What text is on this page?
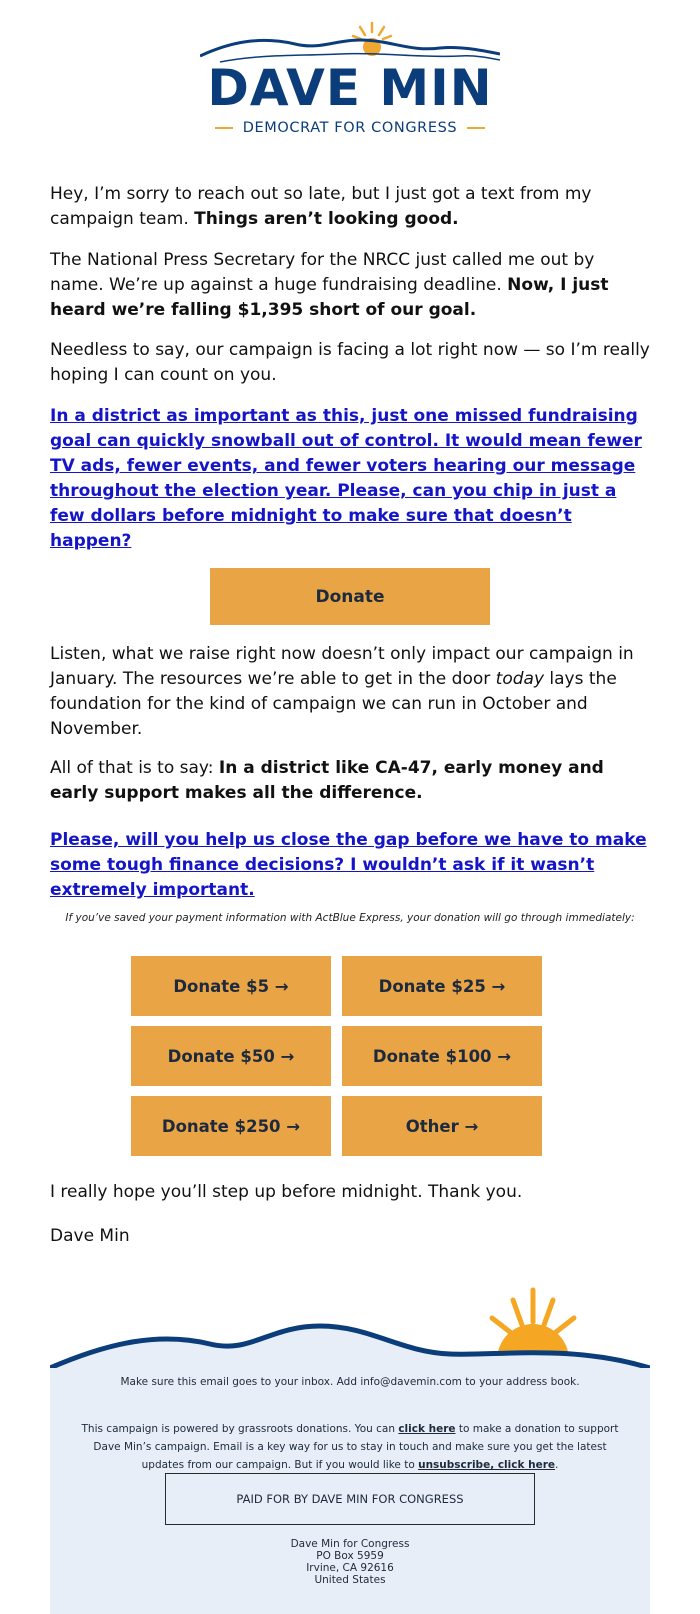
DAVE MIN
DEMOCRAT FOR CONGRESS

Hey, I’m sorry to reach out so late, but I just got a text from my campaign team. Things aren’t looking good.

The National Press Secretary for the NRCC just called me out by name. We’re up against a huge fundraising deadline. Now, I just heard we’re falling $1,395 short of our goal.

Needless to say, our campaign is facing a lot right now — so I’m really hoping I can count on you.

In a district as important as this, just one missed fundraising goal can quickly snowball out of control. It would mean fewer TV ads, fewer events, and fewer voters hearing our message throughout the election year. Please, can you chip in just a few dollars before midnight to make sure that doesn’t happen?
Donate

Listen, what we raise right now doesn’t only impact our campaign in January. The resources we’re able to get in the door today lays the foundation for the kind of campaign we can run in October and November.

All of that is to say: In a district like CA-47, early money and early support makes all the difference.

Please, will you help us close the gap before we have to make some tough finance decisions? I wouldn’t ask if it wasn’t extremely important.
If you’ve saved your payment information with ActBlue Express, your donation will go through immediately:
Donate $5 →	Donate $25 →
Donate $50 →	Donate $100 →
Donate $250 →	Other →

I really hope you’ll step up before midnight. Thank you.

Dave Min

Make sure this email goes to your inbox. Add info@davemin.com to your address book.
This campaign is powered by grassroots donations. You can click here to make a donation to support Dave Min’s campaign. Email is a key way for us to stay in touch and make sure you get the latest updates from our campaign. But if you would like to unsubscribe, click here.
PAID FOR BY DAVE MIN FOR CONGRESS
Dave Min for Congress
PO Box 5959
Irvine, CA 92616
United States
